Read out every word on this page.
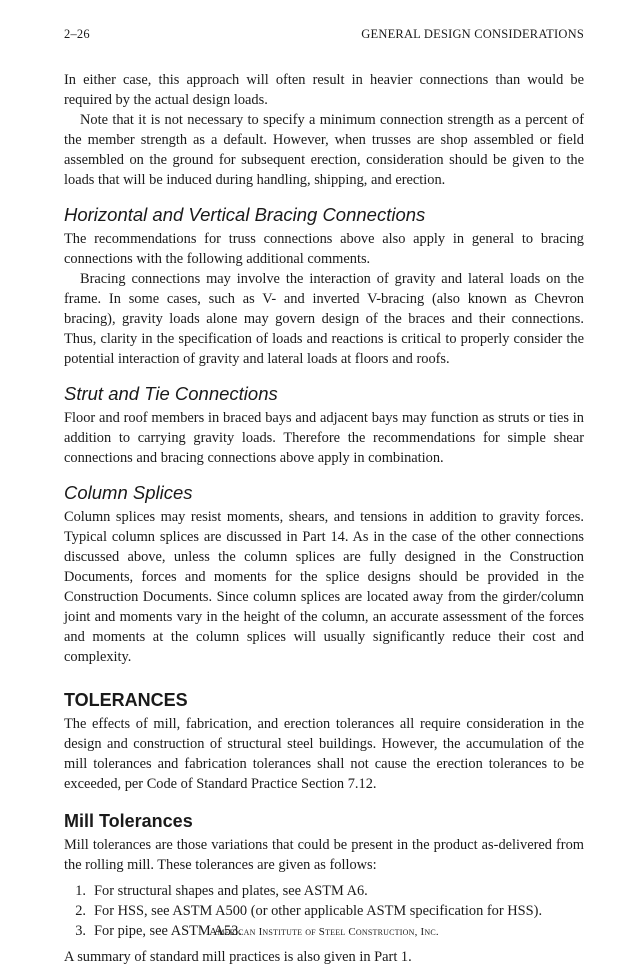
2–26	GENERAL DESIGN CONSIDERATIONS

In either case, this approach will often result in heavier connections than would be required by the actual design loads.

Note that it is not necessary to specify a minimum connection strength as a percent of the member strength as a default. However, when trusses are shop assembled or field assembled on the ground for subsequent erection, consideration should be given to the loads that will be induced during handling, shipping, and erection.

Horizontal and Vertical Bracing Connections

The recommendations for truss connections above also apply in general to bracing connections with the following additional comments.

Bracing connections may involve the interaction of gravity and lateral loads on the frame. In some cases, such as V- and inverted V-bracing (also known as Chevron bracing), gravity loads alone may govern design of the braces and their connections. Thus, clarity in the specification of loads and reactions is critical to properly consider the potential interaction of gravity and lateral loads at floors and roofs.

Strut and Tie Connections

Floor and roof members in braced bays and adjacent bays may function as struts or ties in addition to carrying gravity loads. Therefore the recommendations for simple shear connections and bracing connections above apply in combination.

Column Splices

Column splices may resist moments, shears, and tensions in addition to gravity forces. Typical column splices are discussed in Part 14. As in the case of the other connections discussed above, unless the column splices are fully designed in the Construction Documents, forces and moments for the splice designs should be provided in the Construction Documents. Since column splices are located away from the girder/column joint and moments vary in the height of the column, an accurate assessment of the forces and moments at the column splices will usually significantly reduce their cost and complexity.

TOLERANCES

The effects of mill, fabrication, and erection tolerances all require consideration in the design and construction of structural steel buildings. However, the accumulation of the mill tolerances and fabrication tolerances shall not cause the erection tolerances to be exceeded, per Code of Standard Practice Section 7.12.

Mill Tolerances

Mill tolerances are those variations that could be present in the product as-delivered from the rolling mill. These tolerances are given as follows:

1. For structural shapes and plates, see ASTM A6.
2. For HSS, see ASTM A500 (or other applicable ASTM specification for HSS).
3. For pipe, see ASTM A53.

A summary of standard mill practices is also given in Part 1.

American Institute of Steel Construction, Inc.
